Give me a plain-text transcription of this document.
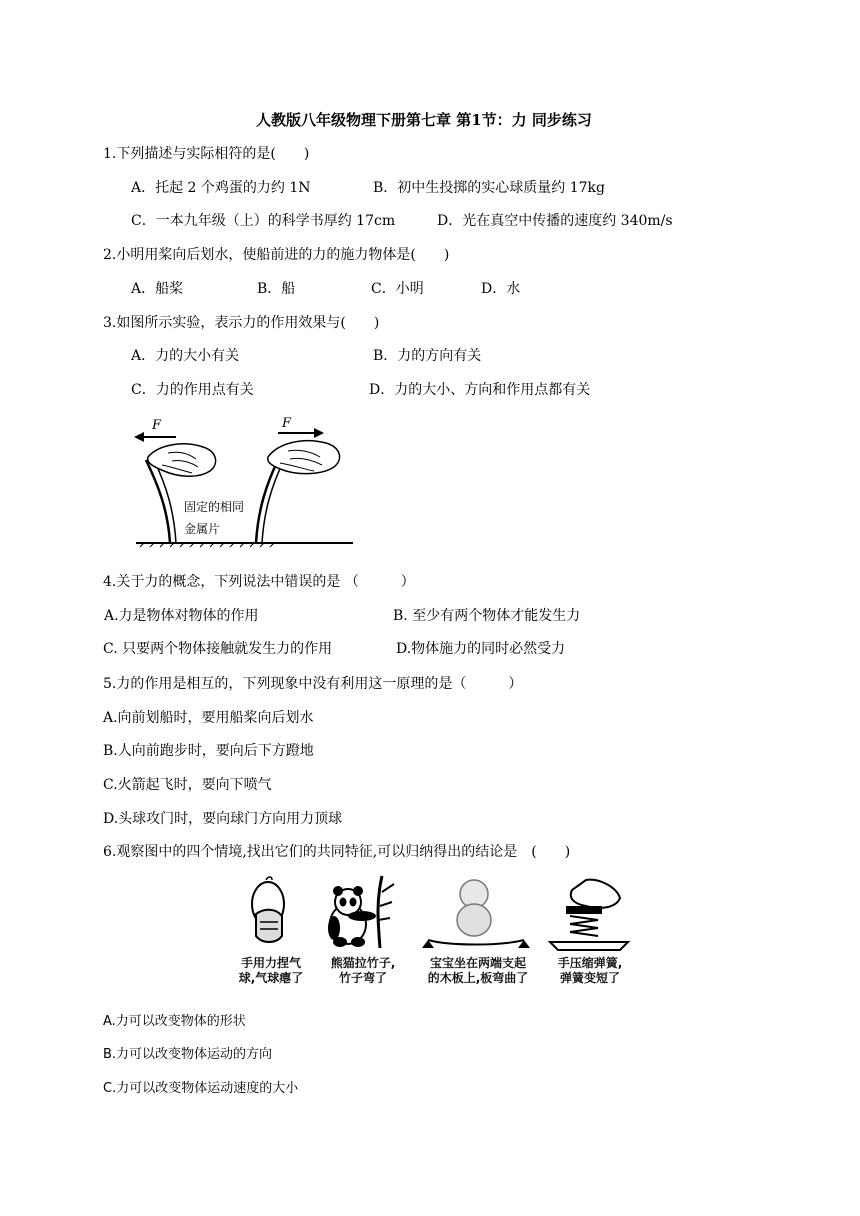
人教版八年级物理下册第七章 第1节：力 同步练习
1.下列描述与实际相符的是(　　)
A．托起 2 个鸡蛋的力约 1N	B．初中生投掷的实心球质量约 17kg
C．一本九年级（上）的科学书厚约 17cm	D．光在真空中传播的速度约 340m/s
2.小明用桨向后划水，使船前进的力的施力物体是(　　)
A．船桨	B．船	C．小明	D．水
3.如图所示实验，表示力的作用效果与(　　)
A．力的大小有关	B．力的方向有关
C．力的作用点有关	D．力的大小、方向和作用点都有关
F	F
固定的相同
金属片
4.关于力的概念，下列说法中错误的是 （　　　）
A.力是物体对物体的作用	B. 至少有两个物体才能发生力
C. 只要两个物体接触就发生力的作用	D.物体施力的同时必然受力
5.力的作用是相互的，下列现象中没有利用这一原理的是（　　　）
A.向前划船时，要用船桨向后划水
B.人向前跑步时，要向后下方蹬地
C.火箭起飞时，要向下喷气
D.头球攻门时，要向球门方向用力顶球
6.观察图中的四个情境,找出它们的共同特征,可以归纳得出的结论是　(　　)
手用力捏气
球,气球瘪了
熊猫拉竹子,
竹子弯了
宝宝坐在两端支起
的木板上,板弯曲了
手压缩弹簧,
弹簧变短了
A.力可以改变物体的形状
B.力可以改变物体运动的方向
C.力可以改变物体运动速度的大小
